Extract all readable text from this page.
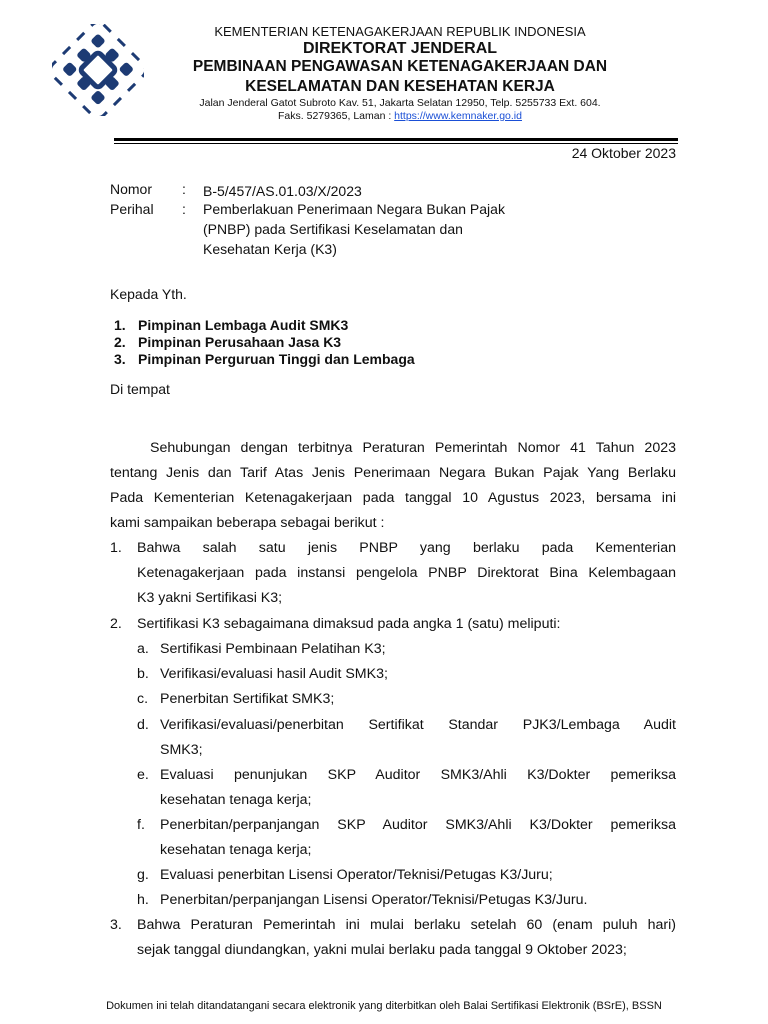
KEMENTERIAN KETENAGAKERJAAN REPUBLIK INDONESIA
DIREKTORAT JENDERAL
PEMBINAAN PENGAWASAN KETENAGAKERJAAN DAN
KESELAMATAN DAN KESEHATAN KERJA
Jalan Jenderal Gatot Subroto Kav. 51, Jakarta Selatan 12950, Telp. 5255733 Ext. 604.
Faks. 5279365, Laman : https://www.kemnaker.go.id
24 Oktober 2023
Nomor : B-5/457/AS.01.03/X/2023
Perihal : Pemberlakuan Penerimaan Negara Bukan Pajak
(PNBP) pada Sertifikasi Keselamatan dan
Kesehatan Kerja (K3)
Kepada Yth.
1. Pimpinan Lembaga Audit SMK3
2. Pimpinan Perusahaan Jasa K3
3. Pimpinan Perguruan Tinggi dan Lembaga
Di tempat
Sehubungan dengan terbitnya Peraturan Pemerintah Nomor 41 Tahun 2023
tentang Jenis dan Tarif Atas Jenis Penerimaan Negara Bukan Pajak Yang Berlaku
Pada Kementerian Ketenagakerjaan pada tanggal 10 Agustus 2023, bersama ini
kami sampaikan beberapa sebagai berikut :
1. Bahwa salah satu jenis PNBP yang berlaku pada Kementerian
Ketenagakerjaan pada instansi pengelola PNBP Direktorat Bina Kelembagaan
K3 yakni Sertifikasi K3;
2. Sertifikasi K3 sebagaimana dimaksud pada angka 1 (satu) meliputi:
a. Sertifikasi Pembinaan Pelatihan K3;
b. Verifikasi/evaluasi hasil Audit SMK3;
c. Penerbitan Sertifikat SMK3;
d. Verifikasi/evaluasi/penerbitan Sertifikat Standar PJK3/Lembaga Audit
SMK3;
e. Evaluasi penunjukan SKP Auditor SMK3/Ahli K3/Dokter pemeriksa
kesehatan tenaga kerja;
f. Penerbitan/perpanjangan SKP Auditor SMK3/Ahli K3/Dokter pemeriksa
kesehatan tenaga kerja;
g. Evaluasi penerbitan Lisensi Operator/Teknisi/Petugas K3/Juru;
h. Penerbitan/perpanjangan Lisensi Operator/Teknisi/Petugas K3/Juru.
3. Bahwa Peraturan Pemerintah ini mulai berlaku setelah 60 (enam puluh hari)
sejak tanggal diundangkan, yakni mulai berlaku pada tanggal 9 Oktober 2023;
Dokumen ini telah ditandatangani secara elektronik yang diterbitkan oleh Balai Sertifikasi Elektronik (BSrE), BSSN
